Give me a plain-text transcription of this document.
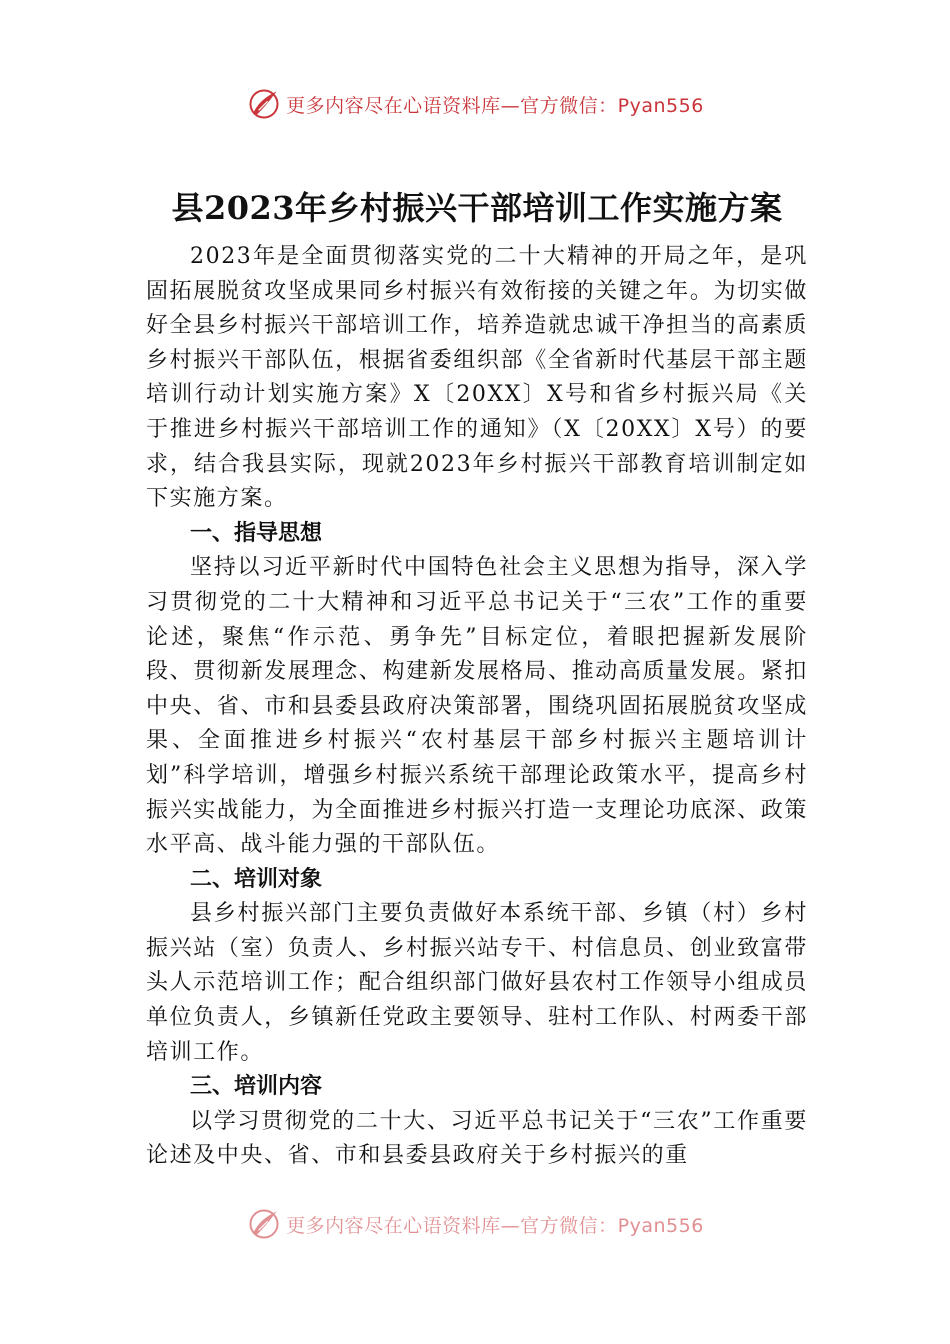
更多内容尽在心语资料库—官方微信：Pyan556
县2023年乡村振兴干部培训工作实施方案

2023年是全面贯彻落实党的二十大精神的开局之年，是巩固拓展脱贫攻坚成果同乡村振兴有效衔接的关键之年。为切实做好全县乡村振兴干部培训工作，培养造就忠诚干净担当的高素质乡村振兴干部队伍，根据省委组织部《全省新时代基层干部主题培训行动计划实施方案》X〔20XX〕X号和省乡村振兴局《关于推进乡村振兴干部培训工作的通知》（X〔20XX〕X号）的要求，结合我县实际，现就2023年乡村振兴干部教育培训制定如下实施方案。

一、指导思想

坚持以习近平新时代中国特色社会主义思想为指导，深入学习贯彻党的二十大精神和习近平总书记关于“三农”工作的重要论述，聚焦“作示范、勇争先”目标定位，着眼把握新发展阶段、贯彻新发展理念、构建新发展格局、推动高质量发展。紧扣中央、省、市和县委县政府决策部署，围绕巩固拓展脱贫攻坚成果、全面推进乡村振兴“农村基层干部乡村振兴主题培训计划”科学培训，增强乡村振兴系统干部理论政策水平，提高乡村振兴实战能力，为全面推进乡村振兴打造一支理论功底深、政策水平高、战斗能力强的干部队伍。

二、培训对象

县乡村振兴部门主要负责做好本系统干部、乡镇（村）乡村振兴站（室）负责人、乡村振兴站专干、村信息员、创业致富带头人示范培训工作；配合组织部门做好县农村工作领导小组成员单位负责人，乡镇新任党政主要领导、驻村工作队、村两委干部培训工作。

三、培训内容

以学习贯彻党的二十大、习近平总书记关于“三农”工作重要论述及中央、省、市和县委县政府关于乡村振兴的重

更多内容尽在心语资料库—官方微信：Pyan556
